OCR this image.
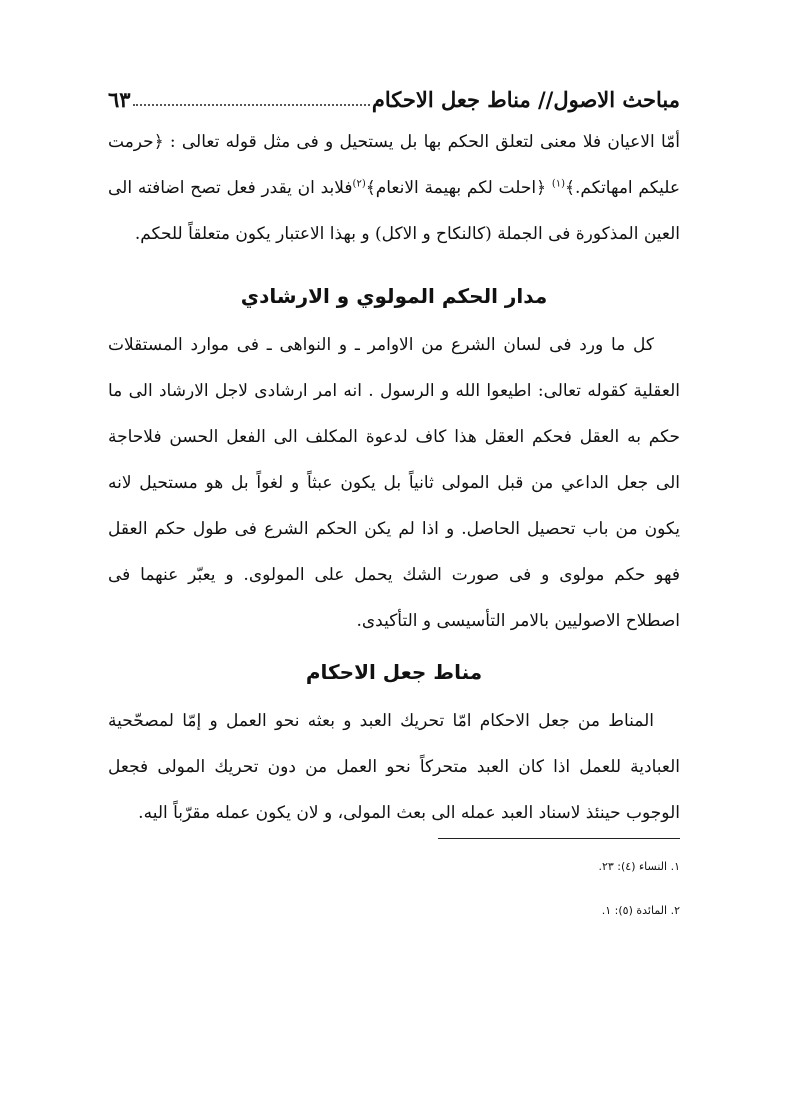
مباحث الاصول// مناط جعل الاحكام
٦٣

أمّا الاعيان فلا معنى لتعلق الحكم بها بل يستحيل و فى مثل قوله تعالى : ﴿حرمت عليكم امهاتكم.﴾$^{(١)}$ ﴿احلت لكم بهيمة الانعام﴾$^{(٢)}$فلابد ان يقدر فعل تصح اضافته الى العين المذكورة فى الجملة (كالنكاح و الاكل) و بهذا الاعتبار يكون متعلقاً للحكم.

مدار الحكم المولوي و الارشادي

كل ما ورد فى لسان الشرع من الاوامر ـ و النواهى ـ فى موارد المستقلات العقلية كقوله تعالى: اطيعوا الله و الرسول . انه امر ارشادى لاجل الارشاد الى ما حكم به العقل فحكم العقل هذا كاف لدعوة المكلف الى الفعل الحسن فلاحاجة الى جعل الداعي من قبل المولى ثانياً بل يكون عبثاً و لغواً بل هو مستحيل لانه يكون من باب تحصيل الحاصل. و اذا لم يكن الحكم الشرع فى طول حكم العقل فهو حكم مولوى و فى صورت الشك يحمل على المولوى. و يعبّر عنهما فى اصطلاح الاصوليين بالامر التأسيسى و التأكيدى.

مناط جعل الاحكام

المناط من جعل الاحكام امّا تحريك العبد و بعثه نحو العمل و إمّا لمصحّحية العبادية للعمل اذا كان العبد متحركاً نحو العمل من دون تحريك المولى فجعل الوجوب حينئذ لاسناد العبد عمله الى بعث المولى، و لان يكون عمله مقرّباً اليه.

١. النساء (٤): ٢٣.

٢. المائدة (٥): ١.
